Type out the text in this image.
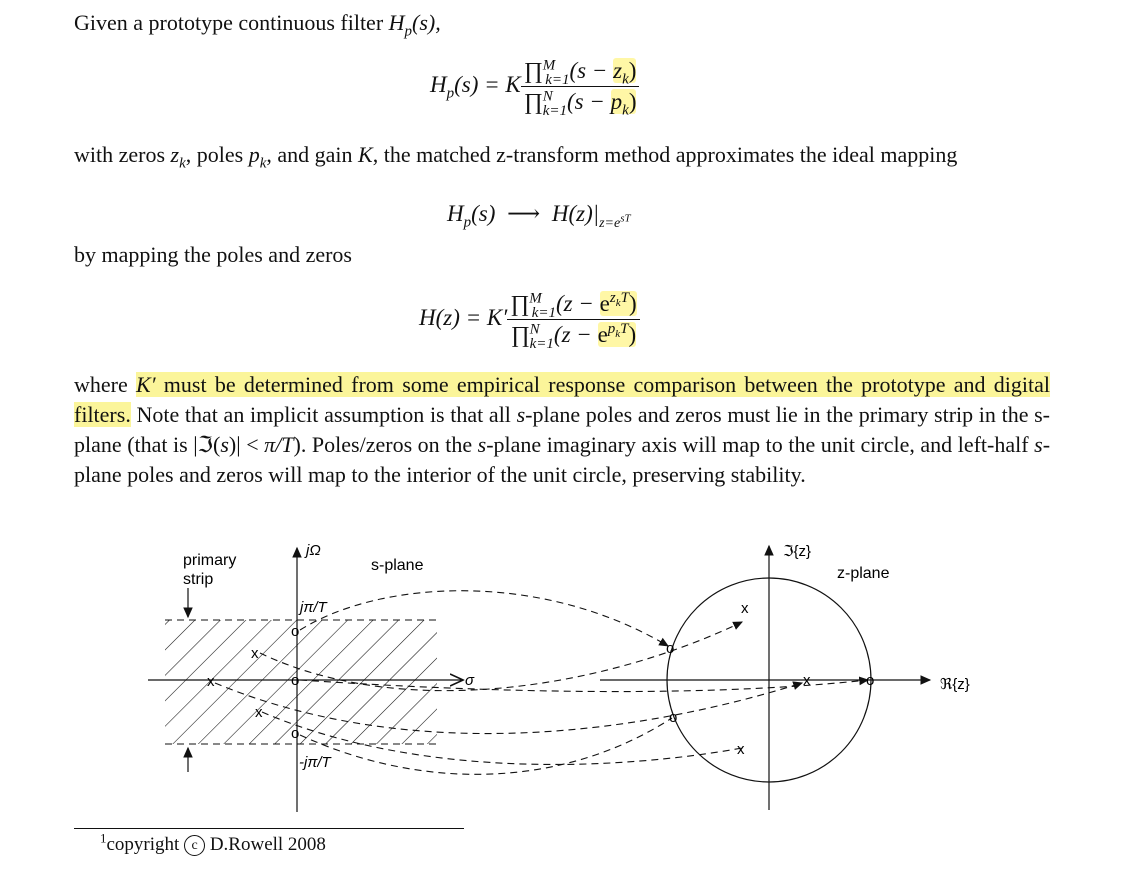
Given a prototype continuous filter $H_p(s)$,

$H_p(s) = K \frac{\prod^M_{k=1}(s - z_k)}{\prod^N_{k=1}(s - p_k)}$

with zeros $z_k$, poles $p_k$, and gain K, the matched z-transform method approximates the ideal mapping

$H_p(s)$ ⟶ $H(z)|_{z=e^{sT}}$

by mapping the poles and zeros

$H(z) = K' \frac{\prod^M_{k=1}(z - e^{z_kT})}{\prod^N_{k=1}(z - e^{p_kT})}$

where K′ must be determined from some empirical response comparison between the prototype and digital filters. Note that an implicit assumption is that all s-plane poles and zeros must lie in the primary strip in the s-plane (that is |ℑ(s)| < π/T). Poles/zeros on the s-plane imaginary axis will map to the unit circle, and left-half s-plane poles and zeros will map to the interior of the unit circle, preserving stability.

jΩ
σ
s-plane
primary
strip
jπ/T
-jπ/T
x
x
x
o
o
o
ℑ{z}
ℜ{z}
z-plane
x
x
x
o
o
o
$^1$copyright c D.Rowell 2008
